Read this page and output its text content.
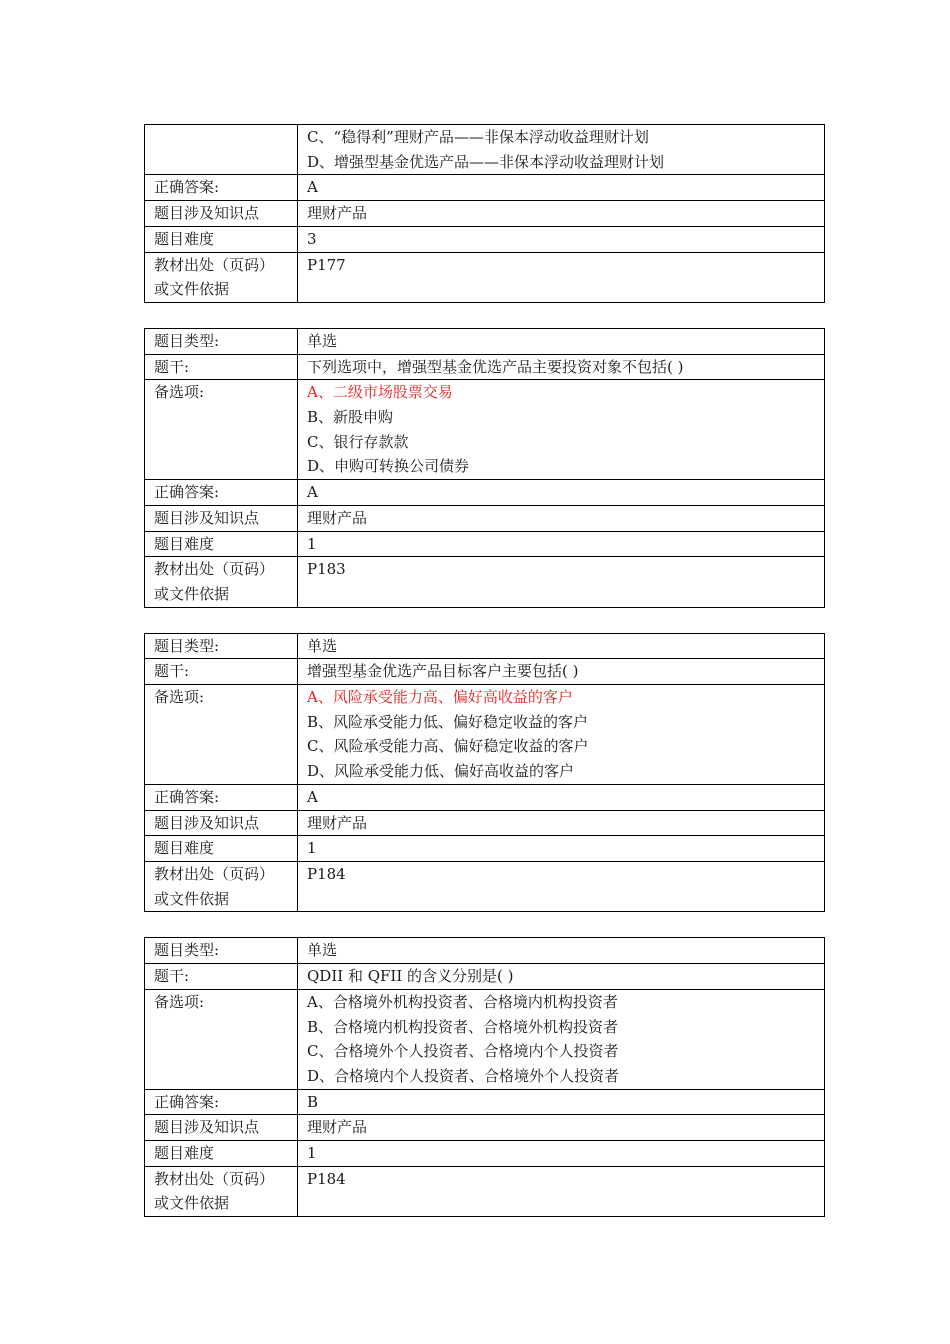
	C、“稳得利”理财产品——非保本浮动收益理财计划
D、增强型基金优选产品——非保本浮动收益理财计划

正确答案:	A
题目涉及知识点	理财产品
题目难度	3

教材出处（页码）
或文件依据	P177
题目类型:	单选
题干:	下列选项中，增强型基金优选产品主要投资对象不包括( )
备选项:	A、二级市场股票交易
B、新股申购
C、银行存款款
D、申购可转换公司债券

正确答案:	A
题目涉及知识点	理财产品
题目难度	1

教材出处（页码）
或文件依据	P183
题目类型:	单选
题干:	增强型基金优选产品目标客户主要包括( )
备选项:	A、风险承受能力高、偏好高收益的客户
B、风险承受能力低、偏好稳定收益的客户
C、风险承受能力高、偏好稳定收益的客户
D、风险承受能力低、偏好高收益的客户

正确答案:	A
题目涉及知识点	理财产品
题目难度	1

教材出处（页码）
或文件依据	P184
题目类型:	单选
题干:	QDII 和 QFII 的含义分别是( )
备选项:	A、合格境外机构投资者、合格境内机构投资者
B、合格境内机构投资者、合格境外机构投资者
C、合格境外个人投资者、合格境内个人投资者
D、合格境内个人投资者、合格境外个人投资者

正确答案:	B
题目涉及知识点	理财产品
题目难度	1

教材出处（页码）
或文件依据	P184
